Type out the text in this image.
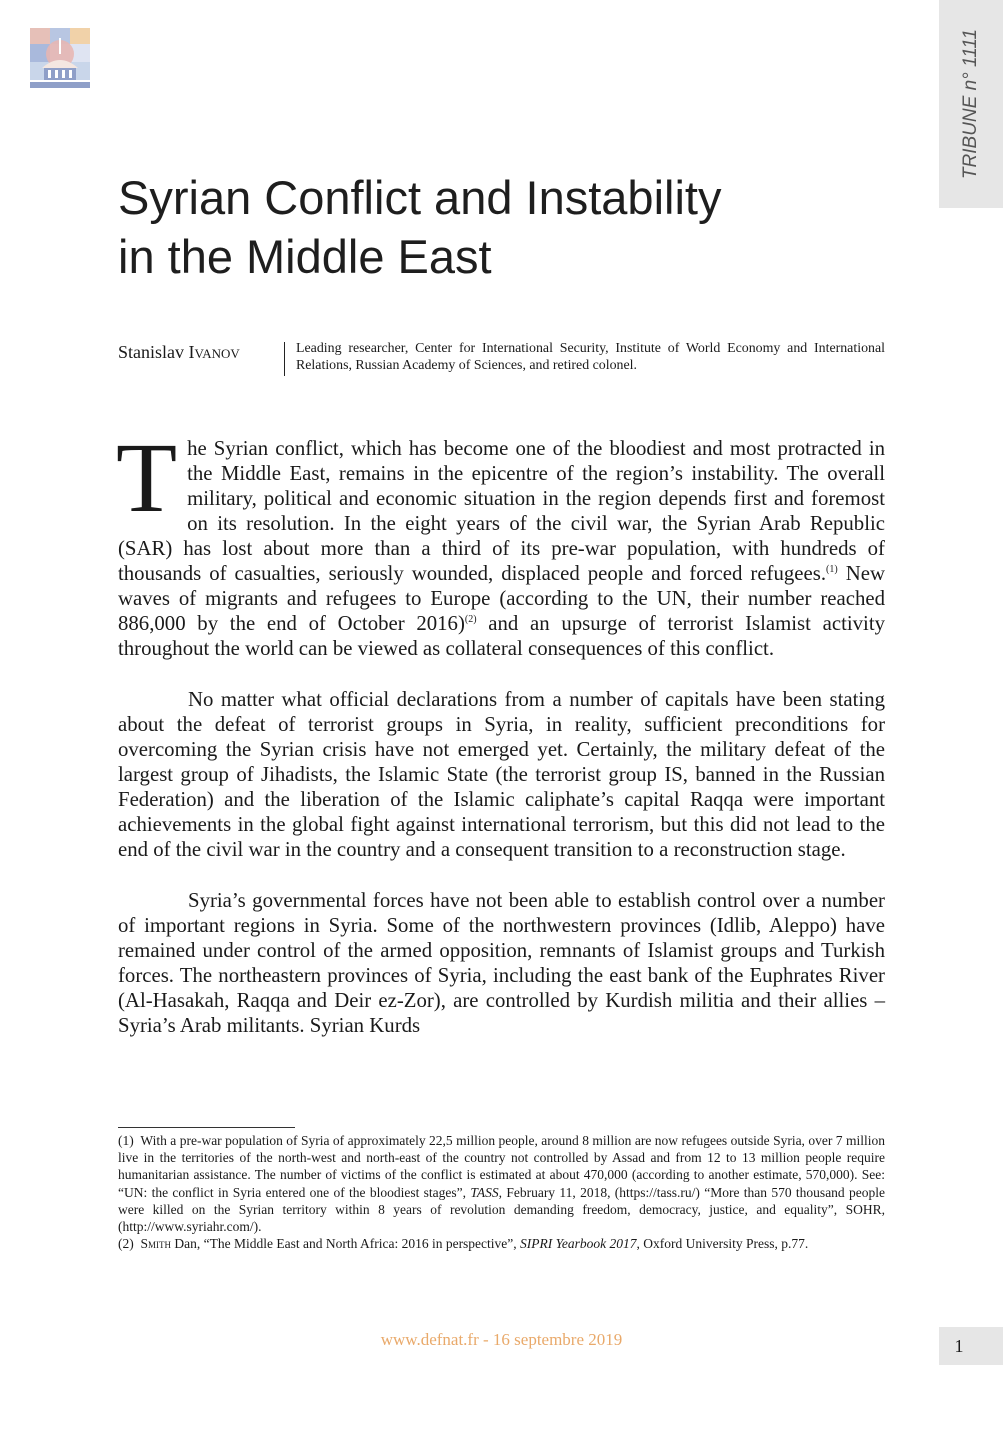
TRIBUNE n° 1111
Syrian Conflict and Instability
in the Middle East
Stanislav Ivanov	Leading researcher, Center for International Security, Institute of World Economy and International Relations, Russian Academy of Sciences, and retired colonel.

The Syrian conflict, which has become one of the bloodiest and most protracted in the Middle East, remains in the epicentre of the region’s instability. The overall military, political and economic situation in the region depends first and foremost on its resolution. In the eight years of the civil war, the Syrian Arab Republic (SAR) has lost about more than a third of its pre-war population, with hundreds of thousands of casualties, seriously wounded, displaced people and forced refugees.$^{(1)}$ New waves of migrants and refugees to Europe (according to the UN, their number reached 886,000 by the end of October 2016)$^{(2)}$ and an upsurge of terrorist Islamist activity throughout the world can be viewed as collateral consequences of this conflict.

No matter what official declarations from a number of capitals have been stating about the defeat of terrorist groups in Syria, in reality, sufficient preconditions for overcoming the Syrian crisis have not emerged yet. Certainly, the military defeat of the largest group of Jihadists, the Islamic State (the terrorist group IS, banned in the Russian Federation) and the liberation of the Islamic caliphate’s capital Raqqa were important achievements in the global fight against international terrorism, but this did not lead to the end of the civil war in the country and a consequent transition to a reconstruction stage.

Syria’s governmental forces have not been able to establish control over a number of important regions in Syria. Some of the northwestern provinces (Idlib, Aleppo) have remained under control of the armed opposition, remnants of Islamist groups and Turkish forces. The northeastern provinces of Syria, including the east bank of the Euphrates River (Al-Hasakah, Raqqa and Deir ez-Zor), are controlled by Kurdish militia and their allies – Syria’s Arab militants. Syrian Kurds

(1) With a pre-war population of Syria of approximately 22,5 million people, around 8 million are now refugees outside Syria, over 7 million live in the territories of the north-west and north-east of the country not controlled by Assad and from 12 to 13 million people require humanitarian assistance. The number of victims of the conflict is estimated at about 470,000 (according to another estimate, 570,000). See: “UN: the conflict in Syria entered one of the bloodiest stages”, TASS, February 11, 2018, (https://tass.ru/) “More than 570 thousand people were killed on the Syrian territory within 8 years of revolution demanding freedom, democracy, justice, and equality”, SOHR, (http://www.syriahr.com/).

(2) Smith Dan, “The Middle East and North Africa: 2016 in perspective”, SIPRI Yearbook 2017, Oxford University Press, p.77.

www.defnat.fr - 16 septembre 2019	1
